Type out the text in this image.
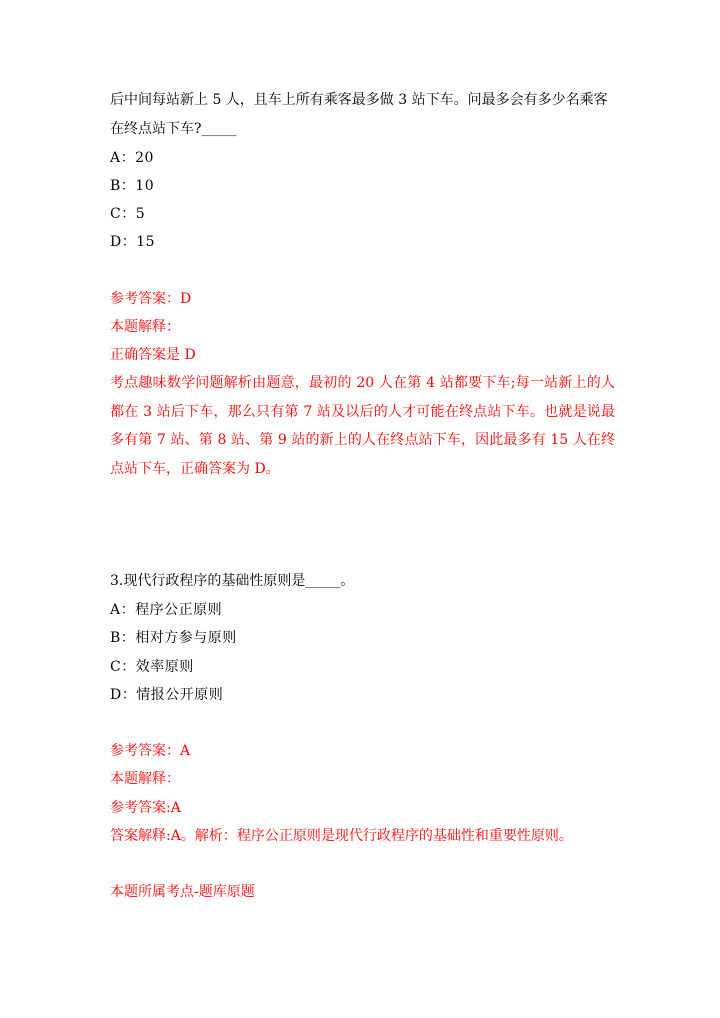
后中间每站新上 5 人，且车上所有乘客最多做 3 站下车。问最多会有多少名乘客在终点站下车?_____
A：20
B：10
C：5
D：15
参考答案：D
本题解释：
正确答案是 D
考点趣味数学问题解析由题意，最初的 20 人在第 4 站都要下车;每一站新上的人都在 3 站后下车，那么只有第 7 站及以后的人才可能在终点站下车。也就是说最多有第 7 站、第 8 站、第 9 站的新上的人在终点站下车，因此最多有 15 人在终点站下车，正确答案为 D。
3.现代行政程序的基础性原则是_____。
A：程序公正原则
B：相对方参与原则
C：效率原则
D：情报公开原则
参考答案：A
本题解释：
参考答案:A
答案解释:A。解析：程序公正原则是现代行政程序的基础性和重要性原则。
本题所属考点-题库原题
